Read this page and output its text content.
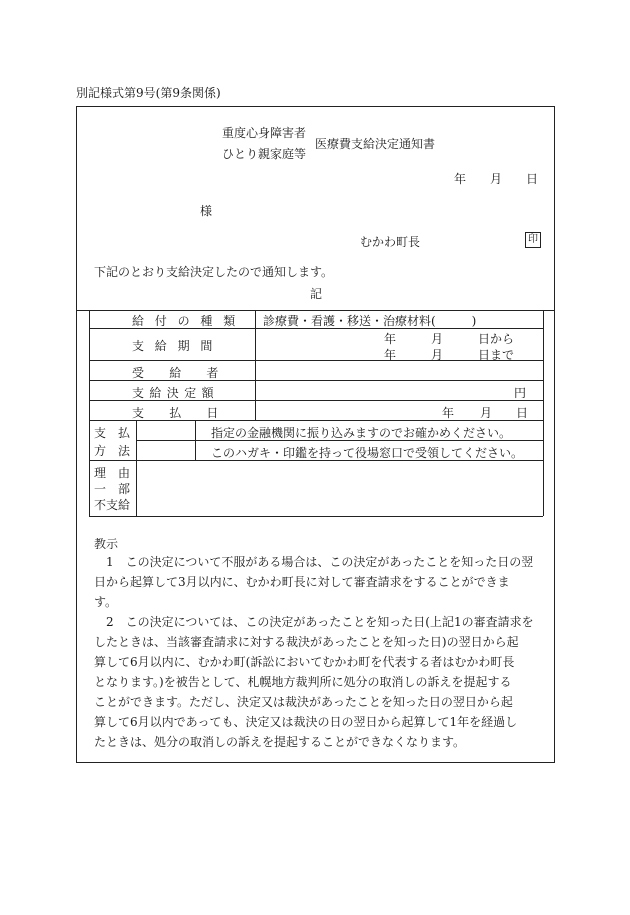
別記様式第9号(第9条関係)
重度心身障害者
ひとり親家庭等
医療費支給決定通知書
年 月 日
様
むかわ町長	印
下記のとおり支給決定したので通知します。
記
給付の種類 診療費・看護・移送・治療材料(　　　)
支給期間	年	月	日から
年	月	日まで
受給者
支給決定額	円
支払日	年 月 日
支　払
方　法
指定の金融機関に振り込みますのでお確かめください。
このハガキ・印鑑を持って役場窓口で受領してください。
理　由
一　部
不支給
教示
1　この決定について不服がある場合は、この決定があったことを知った日の翌
日から起算して3月以内に、むかわ町長に対して審査請求をすることができま
す。
2　この決定については、この決定があったことを知った日(上記1の審査請求を
したときは、当該審査請求に対する裁決があったことを知った日)の翌日から起
算して6月以内に、むかわ町(訴訟においてむかわ町を代表する者はむかわ町長
となります。)を被告として、札幌地方裁判所に処分の取消しの訴えを提起する
ことができます。ただし、決定又は裁決があったことを知った日の翌日から起
算して6月以内であっても、決定又は裁決の日の翌日から起算して1年を経過し
たときは、処分の取消しの訴えを提起することができなくなります。
